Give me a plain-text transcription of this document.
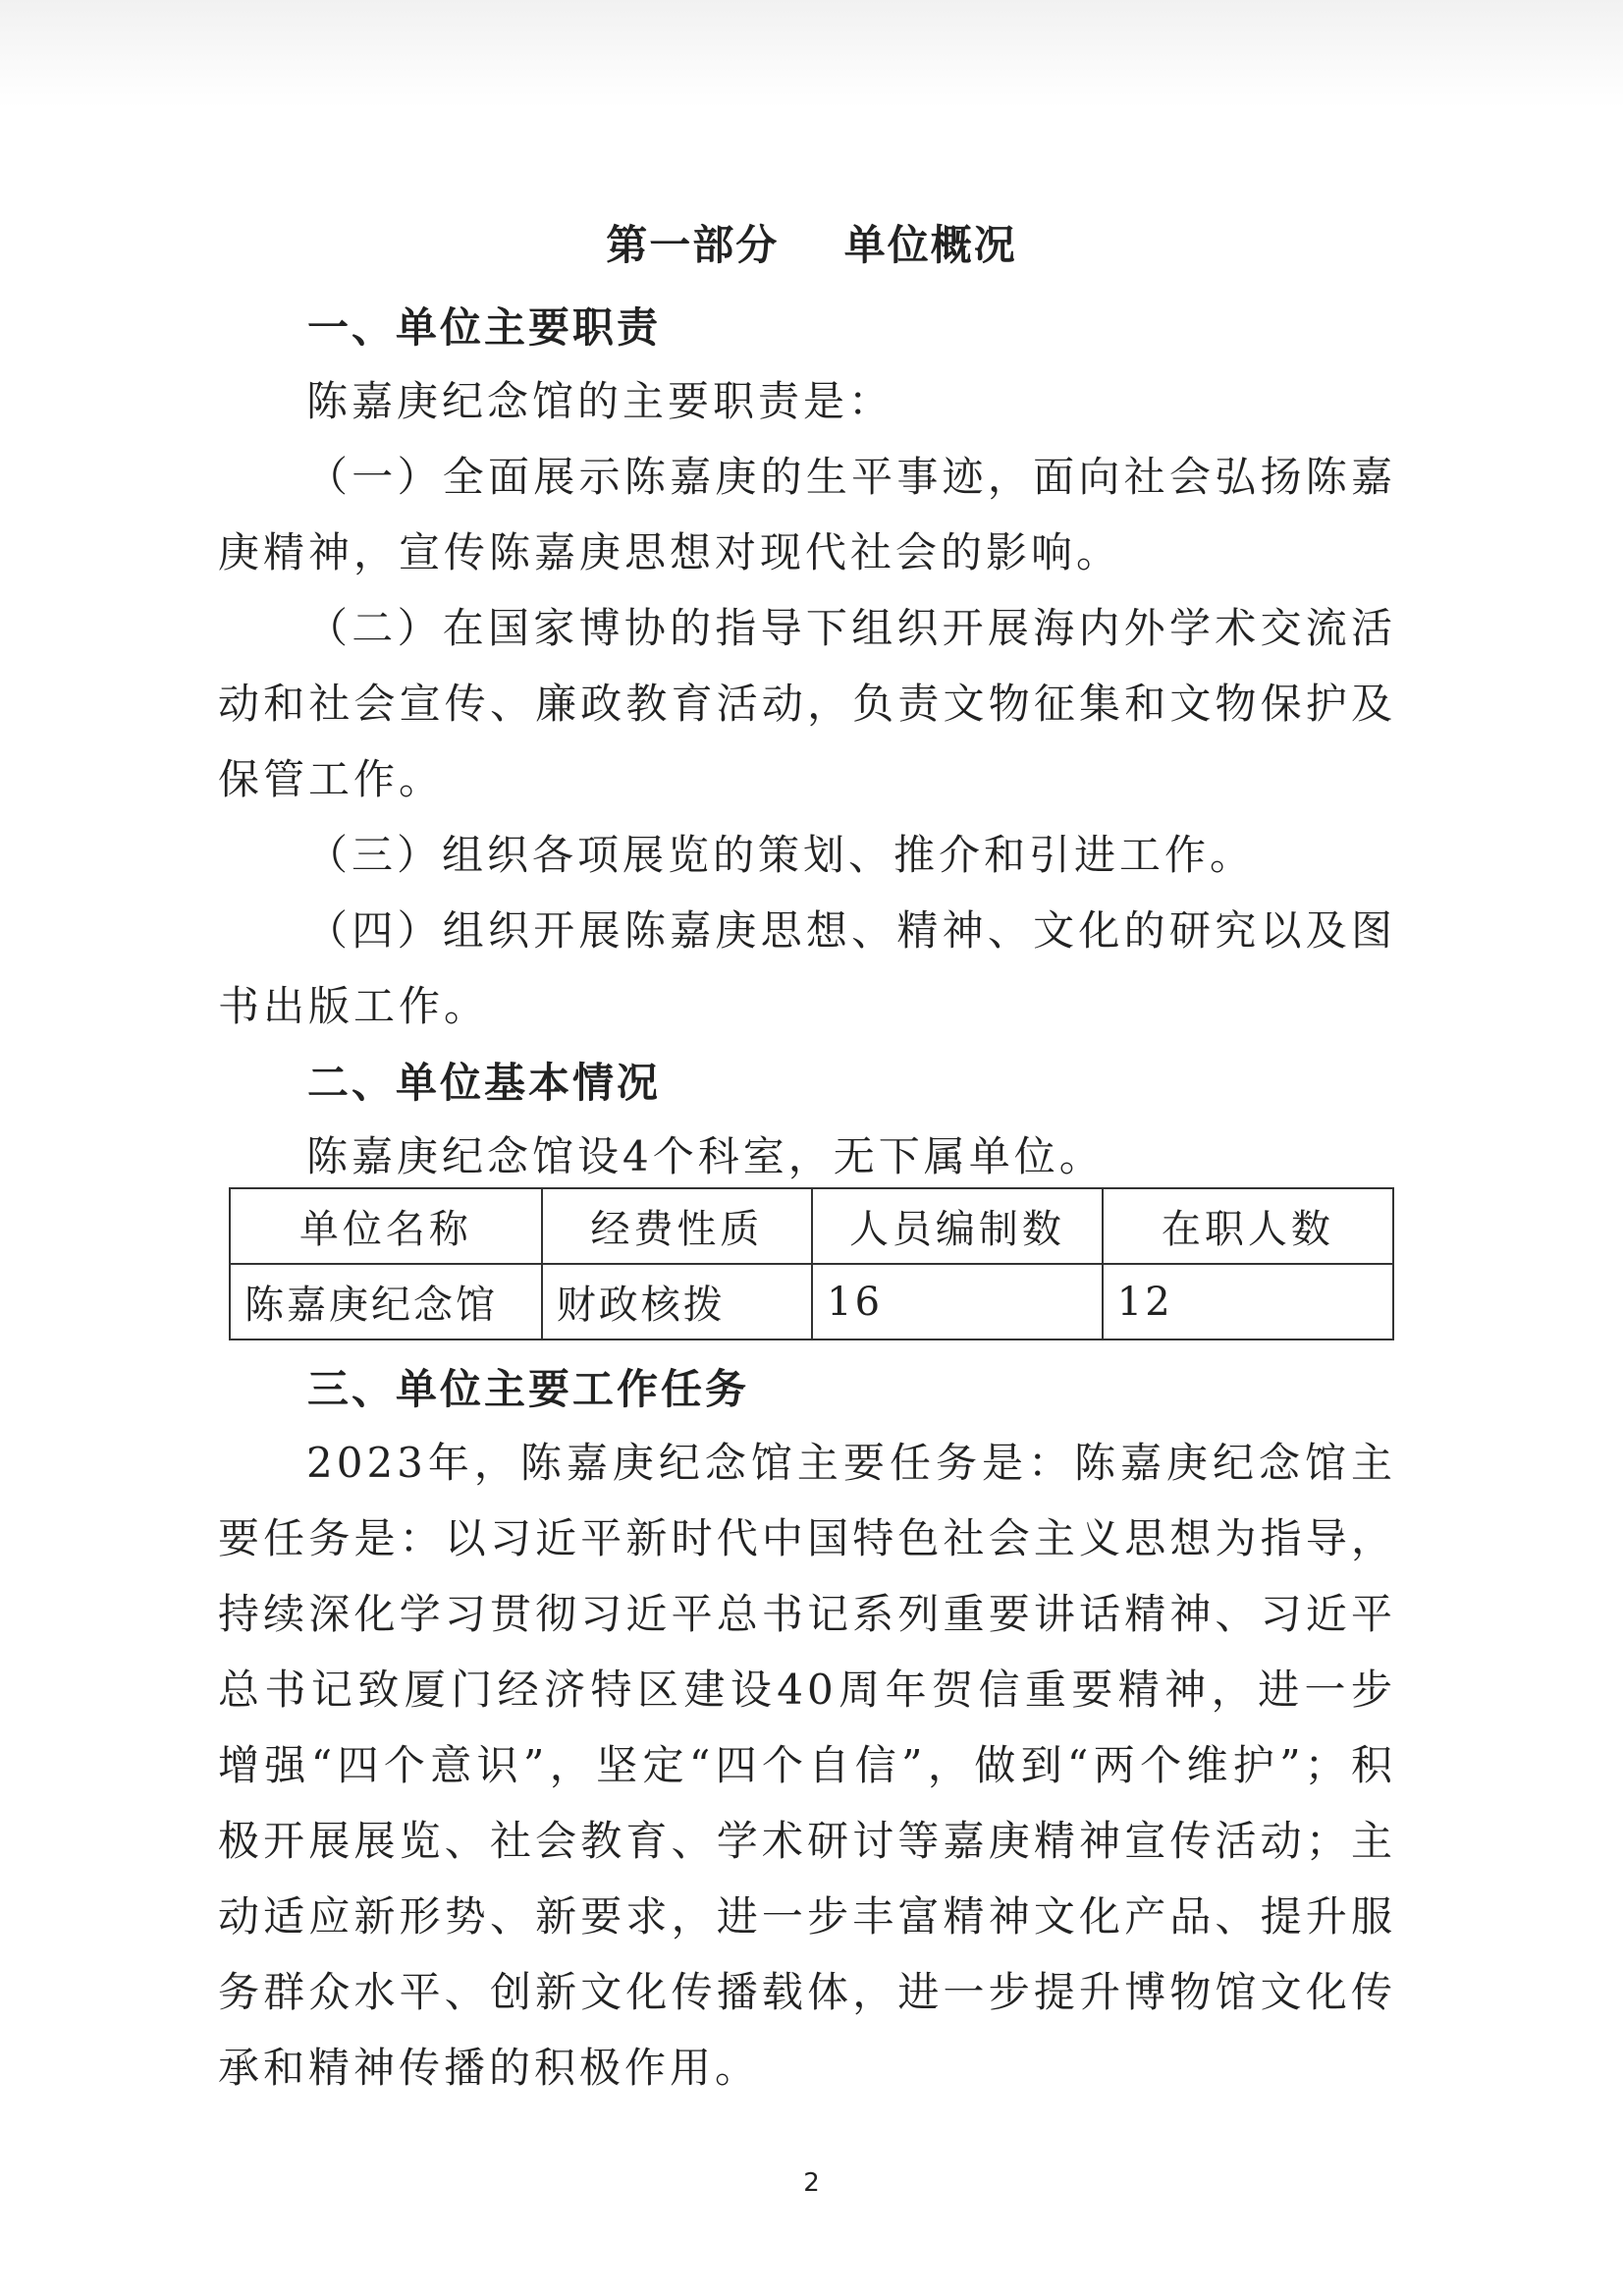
第一部分    单位概况
一、单位主要职责

陈嘉庚纪念馆的主要职责是：

（一）全面展示陈嘉庚的生平事迹，面向社会弘扬陈嘉庚精神，宣传陈嘉庚思想对现代社会的影响。

（二）在国家博协的指导下组织开展海内外学术交流活动和社会宣传、廉政教育活动，负责文物征集和文物保护及保管工作。

（三）组织各项展览的策划、推介和引进工作。

（四）组织开展陈嘉庚思想、精神、文化的研究以及图书出版工作。

二、单位基本情况

陈嘉庚纪念馆设4个科室，无下属单位。

单位名称	经费性质	人员编制数	在职人数
陈嘉庚纪念馆	财政核拨	16	12
三、单位主要工作任务

2023年，陈嘉庚纪念馆主要任务是：陈嘉庚纪念馆主要任务是：以习近平新时代中国特色社会主义思想为指导，持续深化学习贯彻习近平总书记系列重要讲话精神、习近平总书记致厦门经济特区建设40周年贺信重要精神，进一步增强“四个意识”，坚定“四个自信”，做到“两个维护”；积极开展展览、社会教育、学术研讨等嘉庚精神宣传活动；主动适应新形势、新要求，进一步丰富精神文化产品、提升服务群众水平、创新文化传播载体，进一步提升博物馆文化传承和精神传播的积极作用。

2
